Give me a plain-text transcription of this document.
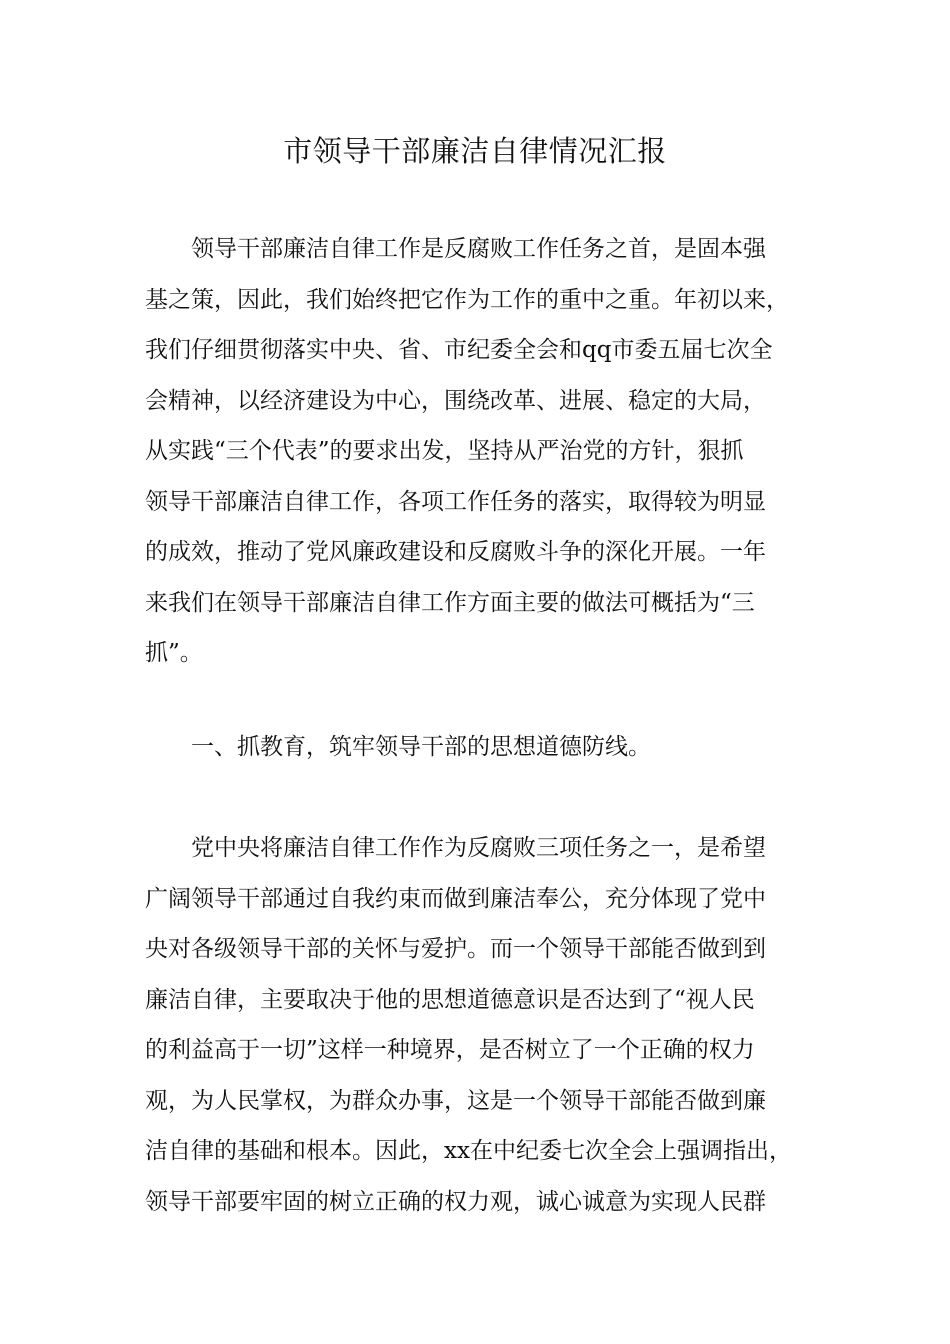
市领导干部廉洁自律情况汇报
　　领导干部廉洁自律工作是反腐败工作任务之首，是固本强
基之策，因此，我们始终把它作为工作的重中之重。年初以来，
我们仔细贯彻落实中央、省、市纪委全会和qq市委五届七次全
会精神，以经济建设为中心，围绕改革、进展、稳定的大局，
从实践“三个代表”的要求出发，坚持从严治党的方针，狠抓
领导干部廉洁自律工作，各项工作任务的落实，取得较为明显
的成效，推动了党风廉政建设和反腐败斗争的深化开展。一年
来我们在领导干部廉洁自律工作方面主要的做法可概括为“三
抓”。
　　一、抓教育，筑牢领导干部的思想道德防线。
　　党中央将廉洁自律工作作为反腐败三项任务之一，是希望
广阔领导干部通过自我约束而做到廉洁奉公，充分体现了党中
央对各级领导干部的关怀与爱护。而一个领导干部能否做到到
廉洁自律，主要取决于他的思想道德意识是否达到了“视人民
的利益高于一切”这样一种境界，是否树立了一个正确的权力
观，为人民掌权，为群众办事，这是一个领导干部能否做到廉
洁自律的基础和根本。因此，xx在中纪委七次全会上强调指出，
领导干部要牢固的树立正确的权力观，诚心诚意为实现人民群
